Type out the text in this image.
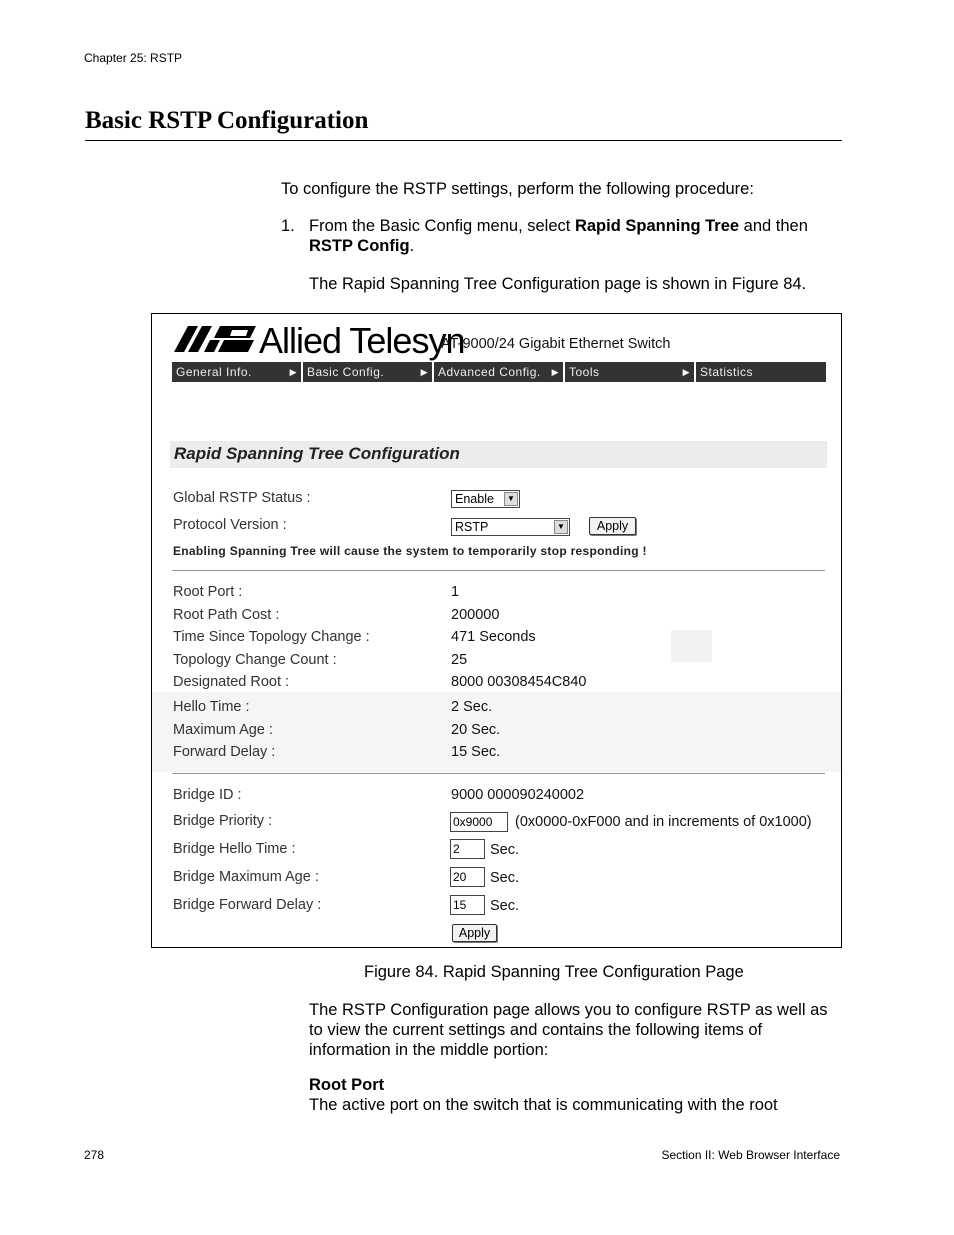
Chapter 25: RSTP
Basic RSTP Configuration
To configure the RSTP settings, perform the following procedure:
1. From the Basic Config menu, select Rapid Spanning Tree and then
RSTP Config.
The Rapid Spanning Tree Configuration page is shown in Figure 84.
Allied Telesyn
AT-9000/24 Gigabit Ethernet Switch
General Info.	▶ Basic Config.	▶ Advanced Config. ▶ Tools	▶ Statistics
Rapid Spanning Tree Configuration
Global RSTP Status :	Enable	▼
Protocol Version :	RSTP	▼	Apply
Enabling Spanning Tree will cause the system to temporarily stop responding !
Root Port :	1
Root Path Cost :	200000
Time Since Topology Change :	471 Seconds
Topology Change Count :	25
Designated Root :	8000 00308454C840
Hello Time :	2 Sec.
Maximum Age :	20 Sec.
Forward Delay :	15 Sec.
Bridge ID :	9000 000090240002
Bridge Priority :	0x9000	(0x0000-0xF000 and in increments of 0x1000)
Bridge Hello Time :	2	Sec.
Bridge Maximum Age :	20	Sec.
Bridge Forward Delay :	15	Sec.
Apply
Figure 84. Rapid Spanning Tree Configuration Page
The RSTP Configuration page allows you to configure RSTP as well as to view the current settings and contains the following items of information in the middle portion:
Root Port
The active port on the switch that is communicating with the root
278	Section II: Web Browser Interface
